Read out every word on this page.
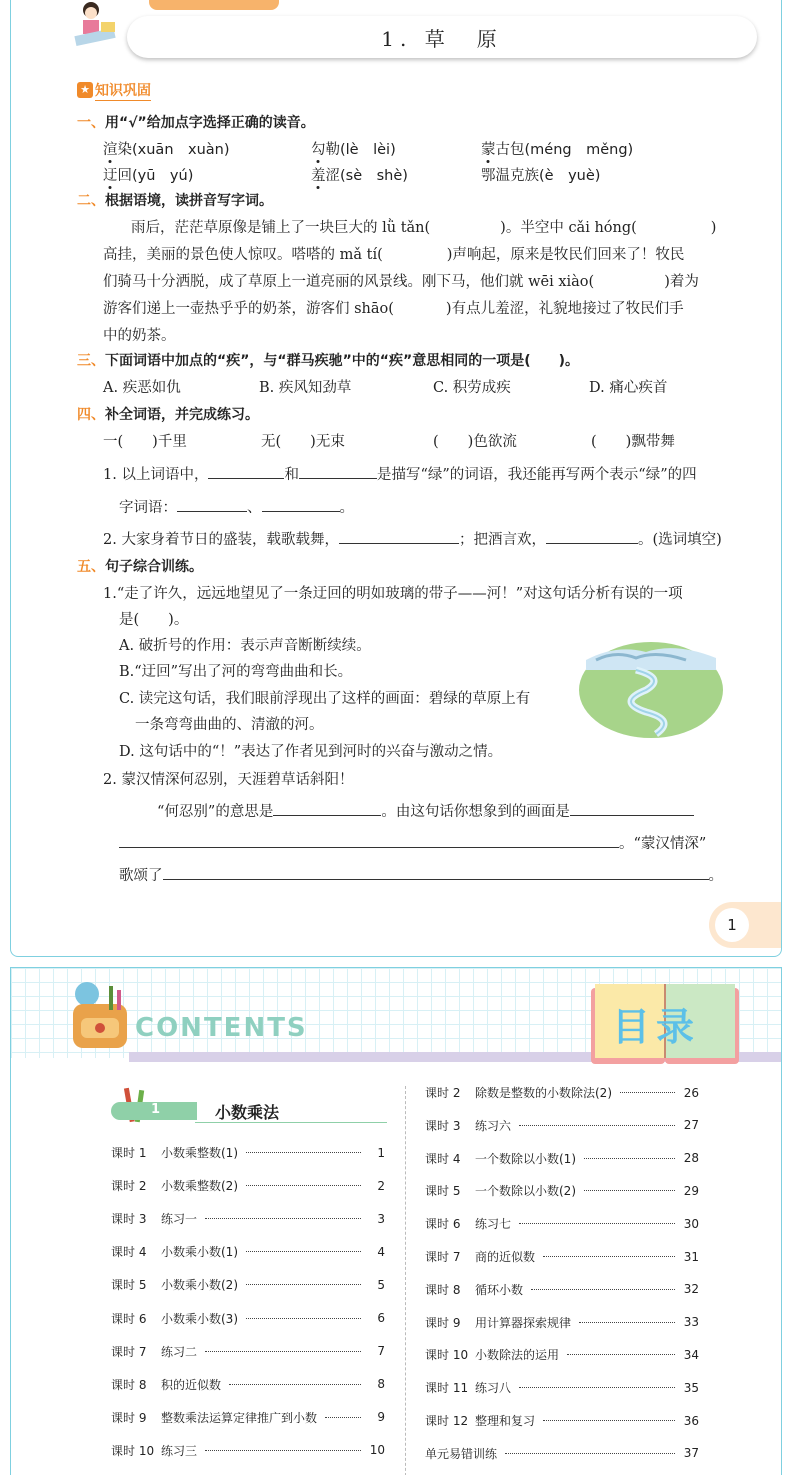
1. 草　原
★ 知识巩固
一、用“√”给加点字选择正确的读音。
渲染(xuān　xuàn)	勾勒(lè　lèi)	蒙古包(méng　měng)
迂回(yū　yú)	羞涩(sè　shè)	鄂温克族(è　yuè)
二、根据语境，读拼音写字词。
雨后，茫茫草原像是铺上了一块巨大的 lǜ tǎn(	)。半空中 cǎi hóng(	)
高挂，美丽的景色使人惊叹。嗒嗒的 mǎ tí(	)声响起，原来是牧民们回来了！牧民
们骑马十分洒脱，成了草原上一道亮丽的风景线。刚下马，他们就 wēi xiào(	)着为
游客们递上一壶热乎乎的奶茶，游客们 shāo(	)有点儿羞涩，礼貌地接过了牧民们手
中的奶茶。
三、下面词语中加点的“疾”，与“群马疾驰”中的“疾”意思相同的一项是(　　)。
A. 疾恶如仇	B. 疾风知劲草	C. 积劳成疾	D. 痛心疾首
四、补全词语，并完成练习。
一(　　)千里	无(　　)无束	(　　)色欲流	(　　)飘带舞
1. 以上词语中，	和	是描写“绿”的词语，我还能再写两个表示“绿”的四
字词语：	、	。
2. 大家身着节日的盛装，载歌载舞，	；把酒言欢，	。(选词填空)
五、句子综合训练。
1.“走了许久，远远地望见了一条迂回的明如玻璃的带子——河！”对这句话分析有误的一项
是(　　)。
A. 破折号的作用：表示声音断断续续。
B.“迂回”写出了河的弯弯曲曲和长。
C. 读完这句话，我们眼前浮现出了这样的画面：碧绿的草原上有
一条弯弯曲曲的、清澈的河。
D. 这句话中的“！”表达了作者见到河时的兴奋与激动之情。
2. 蒙汉情深何忍别，天涯碧草话斜阳！
“何忍别”的意思是	。由这句话你想象到的画面是
。“蒙汉情深”
歌颂了	。
1
CONTENTS	目录
1	小数乘法
课时 1	小数乘整数(1)	1
课时 2	小数乘整数(2)	2
课时 3	练习一	3
课时 4	小数乘小数(1)	4
课时 5	小数乘小数(2)	5
课时 6	小数乘小数(3)	6
课时 7	练习二	7
课时 8	积的近似数	8
课时 9	整数乘法运算定律推广到小数	9
课时 10 练习三	10
课时 2	除数是整数的小数除法(2)	26
课时 3	练习六	27
课时 4	一个数除以小数(1)	28
课时 5	一个数除以小数(2)	29
课时 6	练习七	30
课时 7	商的近似数	31
课时 8	循环小数	32
课时 9	用计算器探索规律	33
课时 10 小数除法的运用	34
课时 11 练习八	35
课时 12 整理和复习	36
单元易错训练	37
